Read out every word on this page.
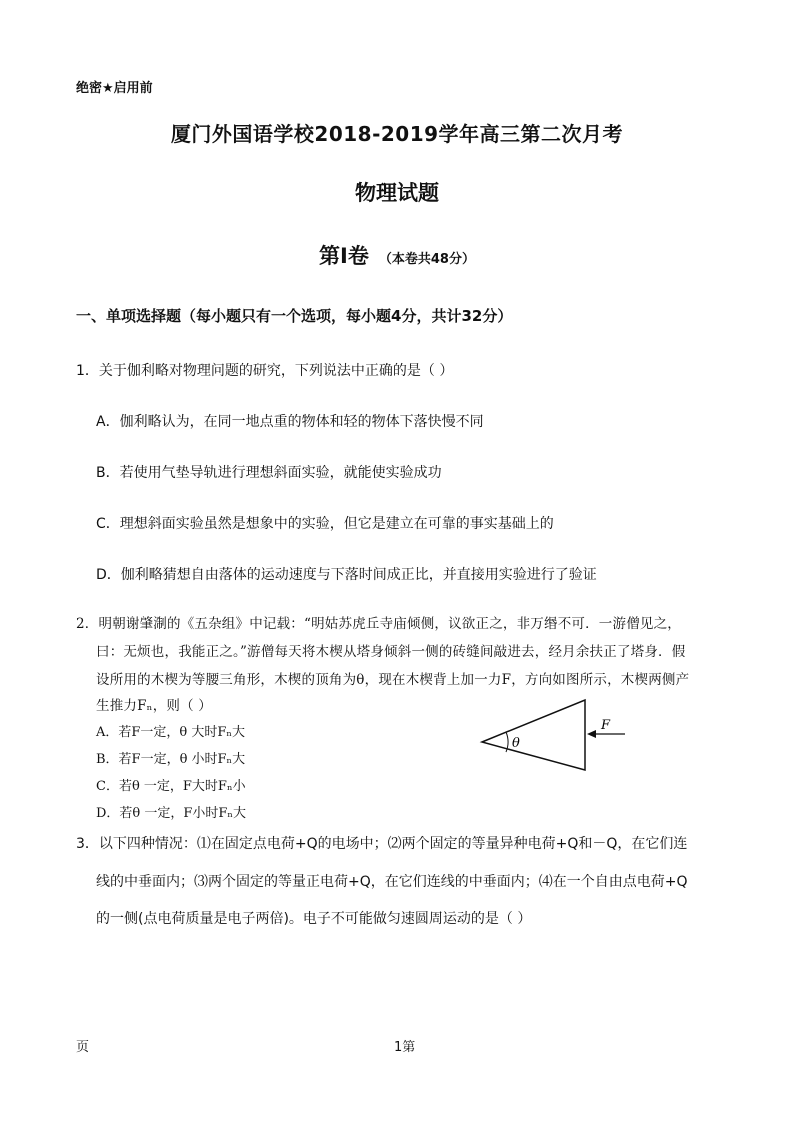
绝密★启用前
厦门外国语学校2018-2019学年高三第二次月考
物理试题
第Ⅰ卷 （本卷共48分）
一、单项选择题（每小题只有一个选项，每小题4分，共计32分）
1．关于伽利略对物理问题的研究，下列说法中正确的是（ ）
A．伽利略认为，在同一地点重的物体和轻的物体下落快慢不同
B．若使用气垫导轨进行理想斜面实验，就能使实验成功
C．理想斜面实验虽然是想象中的实验，但它是建立在可靠的事实基础上的
D．伽利略猜想自由落体的运动速度与下落时间成正比，并直接用实验进行了验证
2．明朝谢肇淛的《五杂组》中记载：“明姑苏虎丘寺庙倾侧，议欲正之，非万缗不可．一游僧见之，
曰：无烦也，我能正之。”游僧每天将木楔从塔身倾斜一侧的砖缝间敲进去，经月余扶正了塔身．假
设所用的木楔为等腰三角形，木楔的顶角为θ，现在木楔背上加一力F，方向如图所示，木楔两侧产
生推力Fₙ，则（ ）
A．若F一定，θ 大时Fₙ大
B．若F一定，θ 小时Fₙ大
C．若θ 一定，F大时Fₙ小
D．若θ 一定，F小时Fₙ大
θ
F
3．以下四种情况：⑴在固定点电荷+Q的电场中；⑵两个固定的等量异种电荷+Q和－Q，在它们连
线的中垂面内；⑶两个固定的等量正电荷+Q，在它们连线的中垂面内；⑷在一个自由点电荷+Q
的一侧(点电荷质量是电子两倍)。电子不可能做匀速圆周运动的是（ ）
页	1第
